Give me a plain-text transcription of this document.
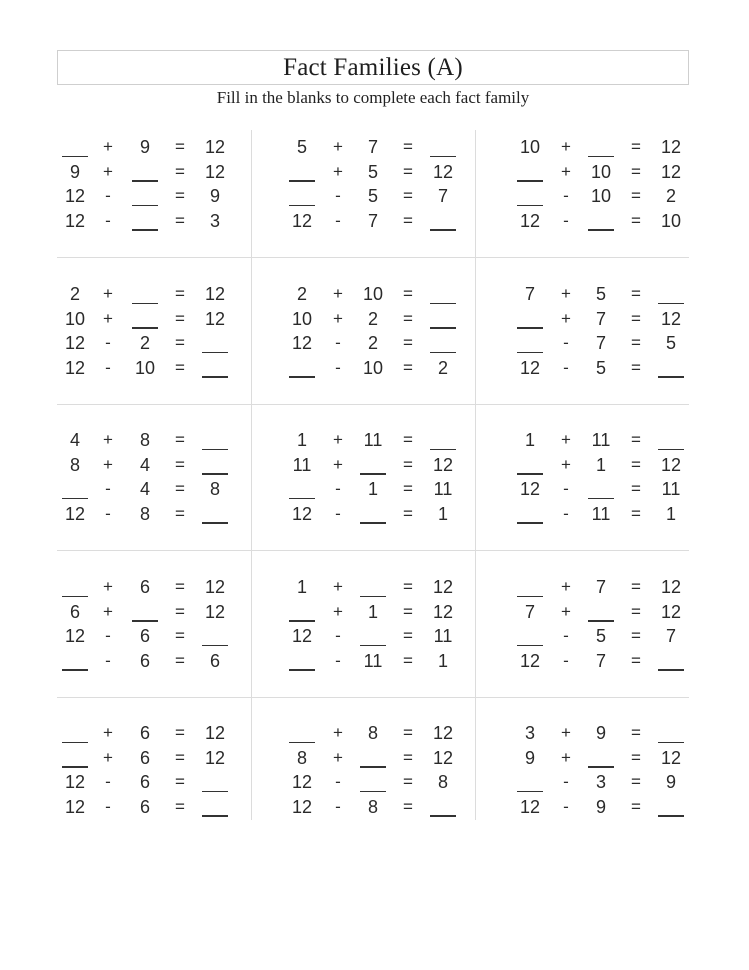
Fact Families (A)
Fill in the blanks to complete each fact family
+	9	=	12
9	+	=	12
12	-	=	9
12	-	=	3
5	+	7	=
+	5	=	12
-	5	=	7
12	-	7	=
10	+	=	12
+	10	=	12
-	10	=	2
12	-	=	10
2	+	=	12
10	+	=	12
12	-	2	=
12	-	10	=
2	+	10	=
10	+	2	=
12	-	2	=
-	10	=	2
7	+	5	=
+	7	=	12
-	7	=	5
12	-	5	=
4	+	8	=
8	+	4	=
-	4	=	8
12	-	8	=
1	+	11	=
11	+	=	12
-	1	=	11
12	-	=	1
1	+	11	=
+	1	=	12
12	-	=	11
-	11	=	1
+	6	=	12
6	+	=	12
12	-	6	=
-	6	=	6
1	+	=	12
+	1	=	12
12	-	=	11
-	11	=	1
+	7	=	12
7	+	=	12
-	5	=	7
12	-	7	=
+	6	=	12
+	6	=	12
12	-	6	=
12	-	6	=
+	8	=	12
8	+	=	12
12	-	=	8
12	-	8	=
3	+	9	=
9	+	=	12
-	3	=	9
12	-	9	=
